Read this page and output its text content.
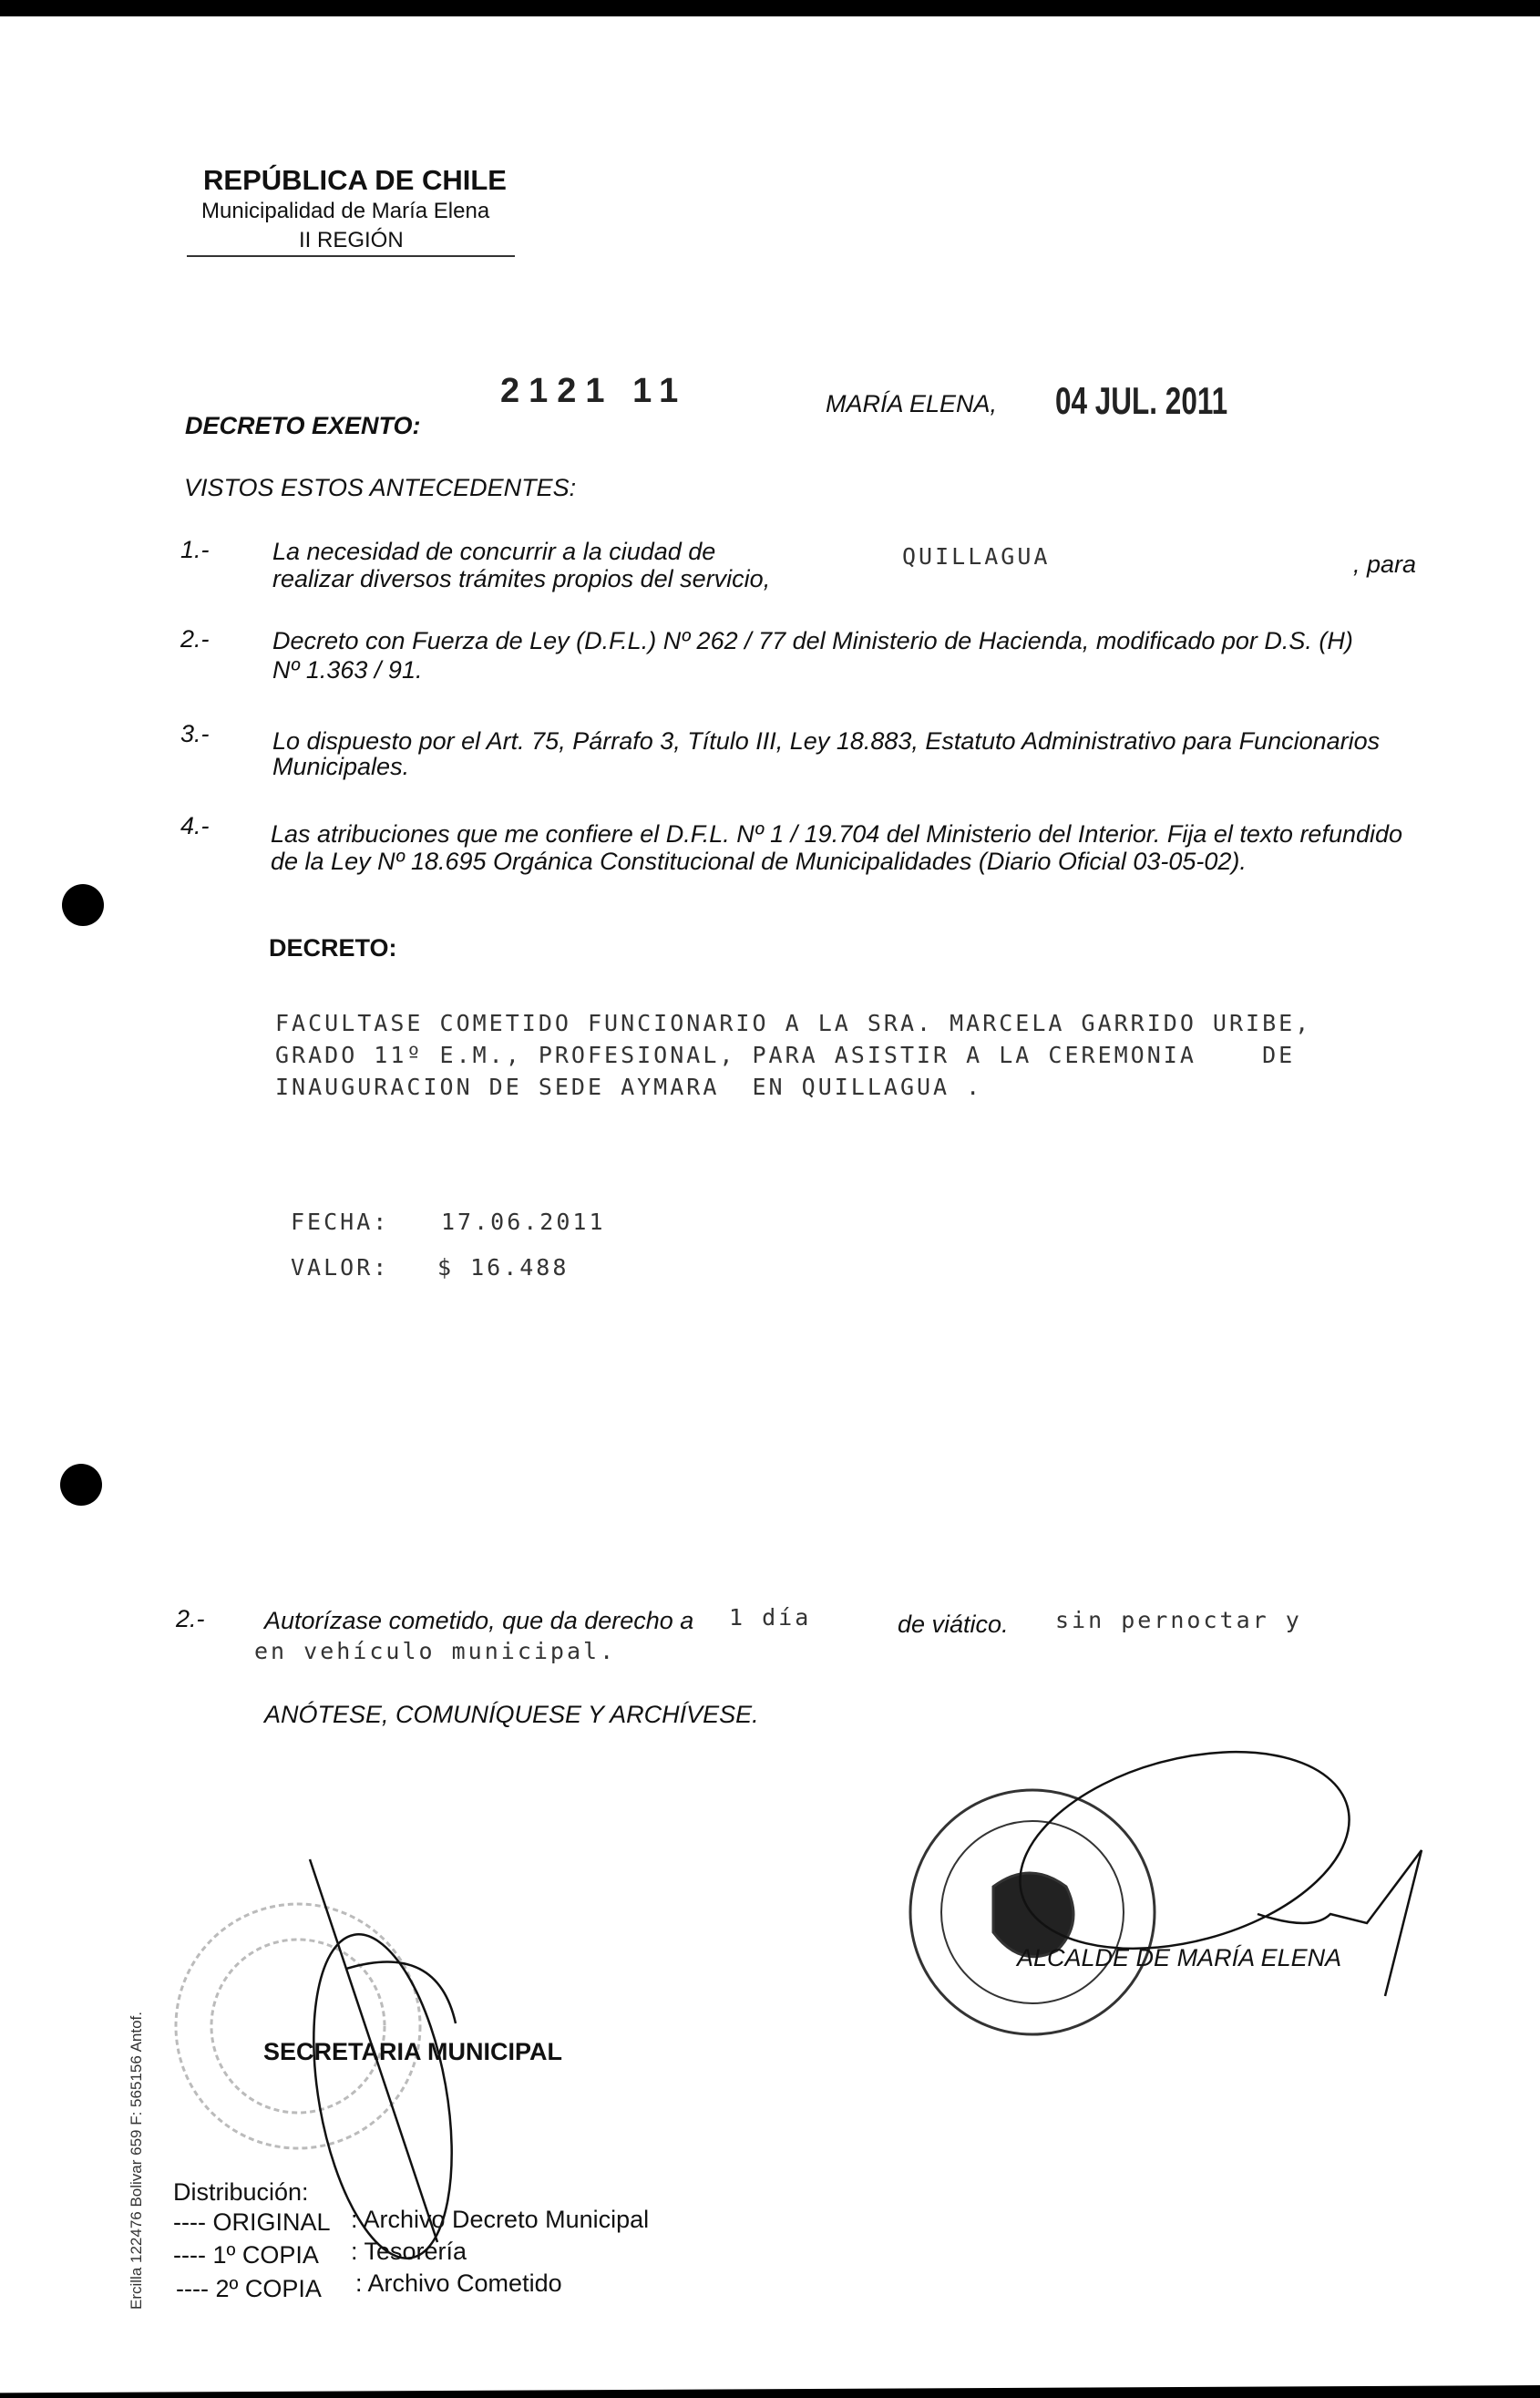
REPÚBLICA DE CHILE
Municipalidad de María Elena
II REGIÓN
2121 11	MARÍA ELENA, 04 JUL. 2011
DECRETO EXENTO:
VISTOS ESTOS ANTECEDENTES:
1.-	La necesidad de concurrir a la ciudad de
realizar diversos trámites propios del servicio,
QUILLAGUA	, para
2.-	Decreto con Fuerza de Ley (D.F.L.) Nº 262 / 77 del Ministerio de Hacienda, modificado por D.S. (H)
Nº 1.363 / 91.
3.-	Lo dispuesto por el Art. 75, Párrafo 3, Título III, Ley 18.883, Estatuto Administrativo para Funcionarios
Municipales.
4.- Las atribuciones que me confiere el D.F.L. Nº 1 / 19.704 del Ministerio del Interior. Fija el texto refundido
de la Ley Nº 18.695 Orgánica Constitucional de Municipalidades (Diario Oficial 03-05-02).
DECRETO:
FACULTASE COMETIDO FUNCIONARIO A LA SRA. MARCELA GARRIDO URIBE,
GRADO 11º E.M., PROFESIONAL, PARA ASISTIR A LA CEREMONIA    DE
INAUGURACION DE SEDE AYMARA  EN QUILLAGUA .
FECHA: 17.06.2011
VALOR: $ 16.488
2.- Autorízase cometido, que da derecho a 1 día	de viático. sin pernoctar y
en vehículo municipal.
ANÓTESE, COMUNÍQUESE Y ARCHÍVESE.
ALCALDE DE MARÍA ELENA
SECRETARIA MUNICIPAL
Distribución:
---- ORIGINAL : Archivo Decreto Municipal
---- 1º COPIA : Tesorería
---- 2º COPIA : Archivo Cometido
Ercilla 122476 Bolivar 659 F: 565156 Antof.
